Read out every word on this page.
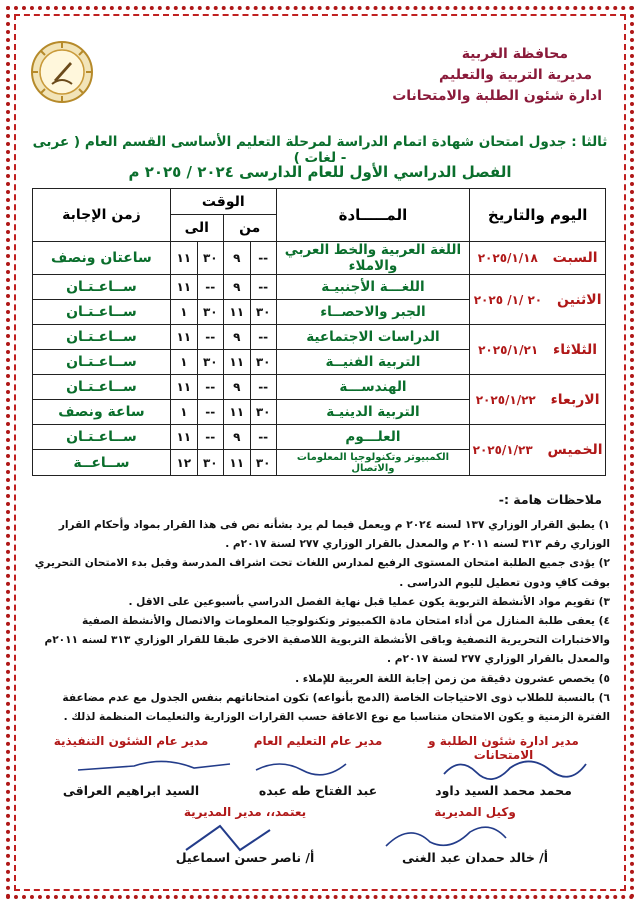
محافظة الغربية
مديرية التربية والتعليم
ادارة شئون الطلبة والامتحانات
ثالثا : جدول امتحان شهادة اتمام الدراسة لمرحلة التعليم الأساسى القسم العام ( عربى - لغات )
الفصل الدراسي الأول للعام الدارسى ٢٠٢٤ / ٢٠٢٥ م
اليوم والتاريخ	المـــــادة	الوقت				زمن الإجابة
		من		الى		
السبت ٢٠٢٥/١/١٨	اللغة العربية والخط العربي والاملاء	--	٩	٣٠	١١	ساعتان ونصف
الاثنين ٢٠ /١/ ٢٠٢٥	اللغـــة الأجنبيـة	--	٩	--	١١	ســاعـتـان
	الجبر والاحصــاء	٣٠	١١	٣٠	١	ســاعـتـان
الثلاثاء ٢٠٢٥/١/٢١	الدراسات الاجتماعية	--	٩	--	١١	ســاعـتـان
	التربية الفنيــة	٣٠	١١	٣٠	١	ســاعـتـان
الاربعاء ٢٠٢٥/١/٢٢	الهندســـة	--	٩	--	١١	ســاعـتـان
	التربية الدينيـة	٣٠	١١	--	١	ساعة ونصف
الخميس ٢٠٢٥/١/٢٣	العلـــوم	--	٩	--	١١	ســاعـتـان
	الكمبيوتر وتكنولوجيا المعلومات والاتصال	٣٠	١١	٣٠	١٢	ســاعــة
ملاحظات هامة :-

١) يطبق القرار الوزاري ١٣٧ لسنه ٢٠٢٤ م ويعمل فيما لم يرد بشأنه نص فى هذا القرار بمواد وأحكام القرار الوزاري رقم ٣١٣ لسنه ٢٠١١ م والمعدل بالقرار الوزاري ٢٧٧ لسنة ٢٠١٧م .

٢) يؤدى جميع الطلبة امتحان المستوى الرفيع لمدارس اللغات تحت اشراف المدرسة وقبل بدء الامتحان التحريري بوقت كافِ ودون تعطيل لليوم الدراسى .

٣) تقويم مواد الأنشطة التربوية يكون عمليا قبل نهاية الفصل الدراسي بأسبوعين على الاقل .

٤) يعفى طلبة المنازل من أداء امتحان مادة الكمبيوتر وتكنولوجيا المعلومات والاتصال والأنشطة الصفية والاختبارات التحريرية التصفية وباقى الأنشطة التربوية اللاصفية الاخرى طبقا للقرار الوزاري ٣١٣ لسنه ٢٠١١م والمعدل بالقرار الوزاري ٢٧٧ لسنة ٢٠١٧م .

٥) يخصص عشرون دقيقة من زمن إجابة اللغة العربية للإملاء .

٦) بالنسبة للطلاب ذوى الاحتياجات الخاصة (الدمج بأنواعه) تكون امتحاناتهم بنفس الجدول مع عدم مضاعفة الفترة الزمنية و يكون الامتحان متناسبا مع نوع الاعاقة حسب القرارات الوزارية والتعليمات المنظمة لذلك .

مدير ادارة شئون الطلبة و الامتحانات
مدير عام التعليم العام
مدير عام الشئون التنفيذية
محمد محمد السيد داود
عبد الفتاح طه عبده
السيد ابراهيم العراقى
وكيل المديرية
يعتمد،، مدير المديرية
أ/ خالد حمدان عبد الغنى
أ/ ناصر حسن اسماعيل
